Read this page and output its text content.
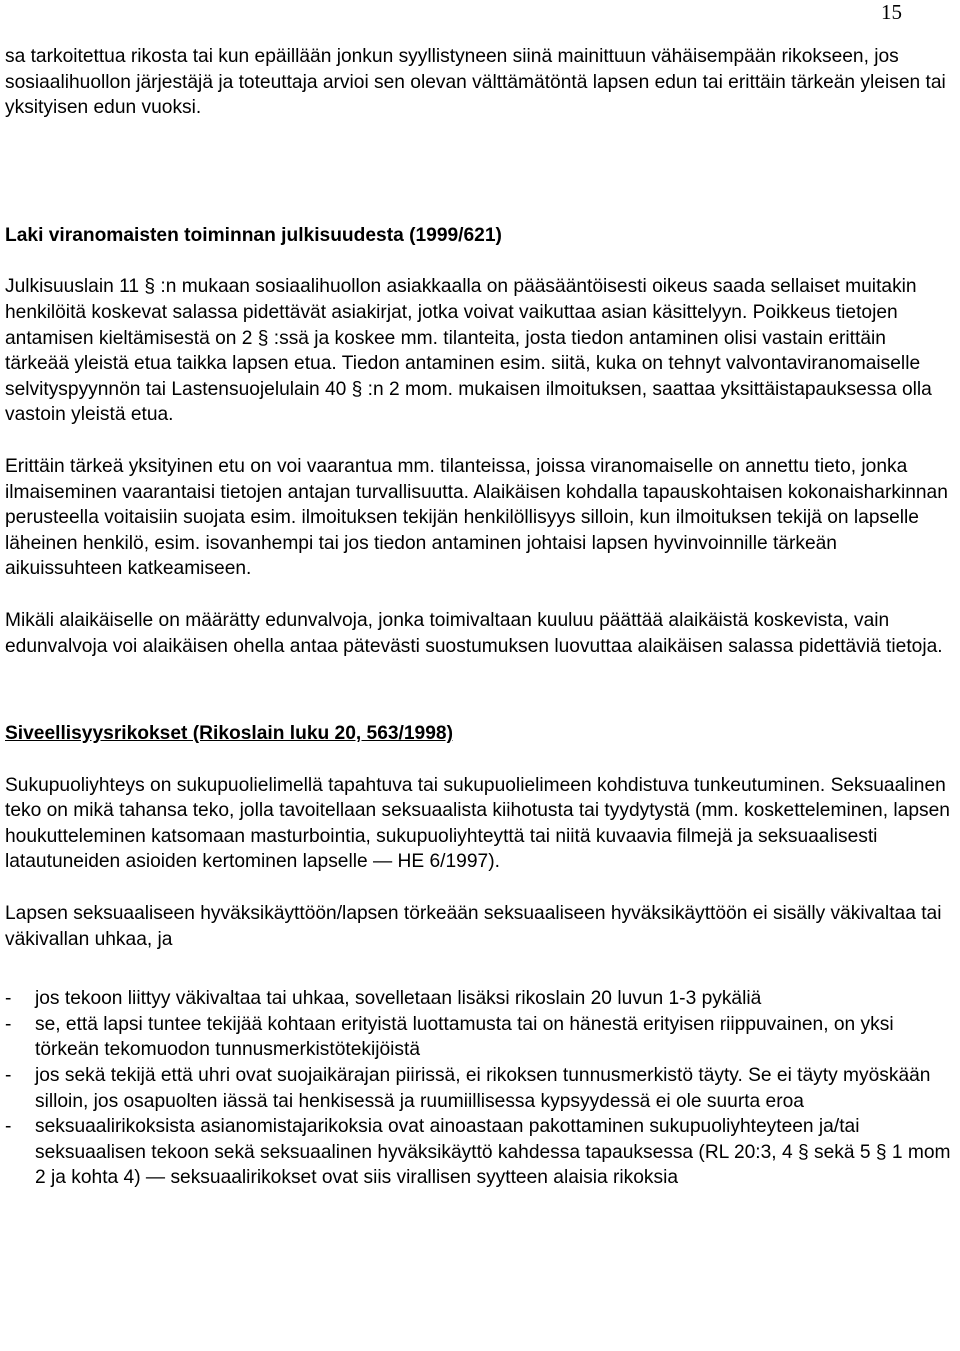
15

sa tarkoitettua rikosta tai kun epäillään jonkun syyllistyneen siinä mainittuun vähäisempään rikokseen, jos sosiaalihuollon järjestäjä ja toteuttaja arvioi sen olevan välttämätöntä lapsen edun tai erittäin tärkeän yleisen tai yksityisen edun vuoksi.

Laki viranomaisten toiminnan julkisuudesta (1999/621)

Julkisuuslain 11 § :n mukaan sosiaalihuollon asiakkaalla on pääsääntöisesti oikeus saada sellaiset muitakin henkilöitä koskevat salassa pidettävät asiakirjat, jotka voivat vaikuttaa asian käsittelyyn. Poikkeus tietojen antamisen kieltämisestä on 2 § :ssä ja koskee mm. tilanteita, josta tiedon antaminen olisi vastain erittäin tärkeää yleistä etua taikka lapsen etua. Tiedon antaminen esim. siitä, kuka on tehnyt valvontaviranomaiselle selvityspyynnön tai Lastensuojelulain 40 § :n 2 mom. mukaisen ilmoituksen, saattaa yksittäistapauksessa olla vastoin yleistä etua.

Erittäin tärkeä yksityinen etu on voi vaarantua mm. tilanteissa, joissa viranomaiselle on annettu tieto, jonka ilmaiseminen vaarantaisi tietojen antajan turvallisuutta. Alaikäisen kohdalla tapauskohtaisen kokonaisharkinnan perusteella voitaisiin suojata esim. ilmoituksen tekijän henkilöllisyys silloin, kun ilmoituksen tekijä on lapselle läheinen henkilö, esim. isovanhempi tai jos tiedon antaminen johtaisi lapsen hyvinvoinnille tärkeän aikuissuhteen katkeamiseen.

Mikäli alaikäiselle on määrätty edunvalvoja, jonka toimivaltaan kuuluu päättää alaikäistä koskevista, vain edunvalvoja voi alaikäisen ohella antaa pätevästi suostumuksen luovuttaa alaikäisen salassa pidettäviä tietoja.

Siveellisyysrikokset (Rikoslain luku 20, 563/1998)

Sukupuoliyhteys on sukupuolielimellä tapahtuva tai sukupuolielimeen kohdistuva tunkeutuminen. Seksuaalinen teko on mikä tahansa teko, jolla tavoitellaan seksuaalista kiihotusta tai tyydytystä (mm. koskettelеminen, lapsen houkutteleminen katsomaan masturbointia, sukupuoliyhteyttä tai niitä kuvaavia filmejä ja seksuaalisesti latautuneiden asioiden kertominen lapselle — HE 6/1997).

Lapsen seksuaaliseen hyväksikäyttöön/lapsen törkeään seksuaaliseen hyväksikäyttöön ei sisälly väkivaltaa tai väkivallan uhkaa, ja

- jos tekoon liittyy väkivaltaa tai uhkaa, sovelletaan lisäksi rikoslain 20 luvun 1-3 pykäliä
- se, että lapsi tuntee tekijää kohtaan erityistä luottamusta tai on hänestä erityisen riippuvainen, on yksi törkeän tekomuodon tunnusmerkistötekijöistä
- jos sekä tekijä että uhri ovat suojaikärajan piirissä, ei rikoksen tunnusmerkistö täyty. Se ei täyty myöskään silloin, jos osapuolten iässä tai henkisessä ja ruumiillisessa kypsyydessä ei ole suurta eroa
- seksuaalirikoksista asianomistajarikoksia ovat ainoastaan pakottaminen sukupuoliyhteyteen ja/tai seksuaalisen tekoon sekä seksuaalinen hyväksikäyttö kahdessa tapauksessa (RL 20:3, 4 § sekä 5 § 1 mom 2 ja kohta 4) — seksuaalirikokset ovat siis virallisen syytteen alaisia rikoksia
